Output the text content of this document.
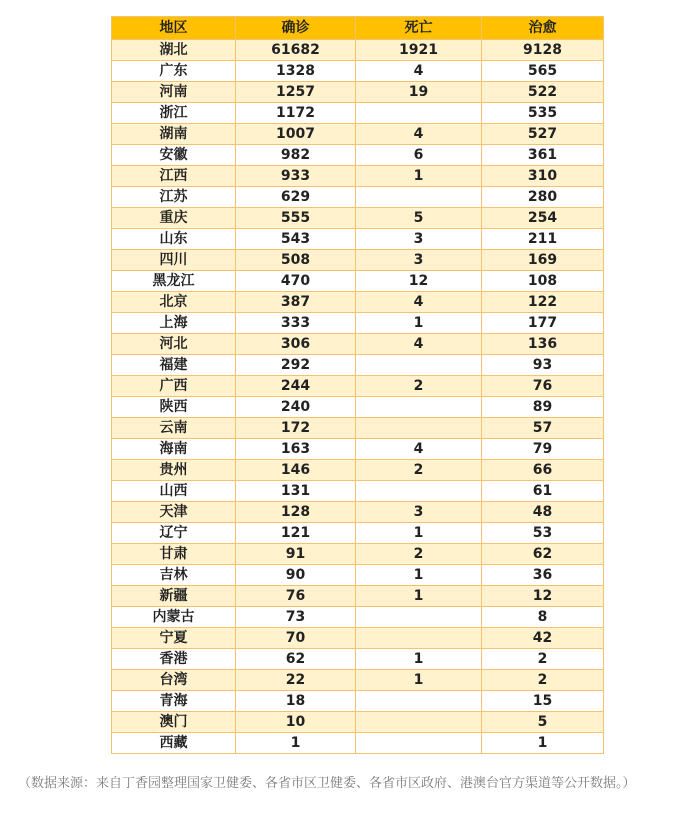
地区	确诊	死亡	治愈
湖北	61682	1921	9128
广东	1328	4	565
河南	1257	19	522
浙江	1172		535
湖南	1007	4	527
安徽	982	6	361
江西	933	1	310
江苏	629		280
重庆	555	5	254
山东	543	3	211
四川	508	3	169
黑龙江	470	12	108
北京	387	4	122
上海	333	1	177
河北	306	4	136
福建	292		93
广西	244	2	76
陕西	240		89
云南	172		57
海南	163	4	79
贵州	146	2	66
山西	131		61
天津	128	3	48
辽宁	121	1	53
甘肃	91	2	62
吉林	90	1	36
新疆	76	1	12
内蒙古	73		8
宁夏	70		42
香港	62	1	2
台湾	22	1	2
青海	18		15
澳门	10		5
西藏	1		1
（数据来源：来自丁香园整理国家卫健委、各省市区卫健委、各省市区政府、港澳台官方渠道等公开数据。）
